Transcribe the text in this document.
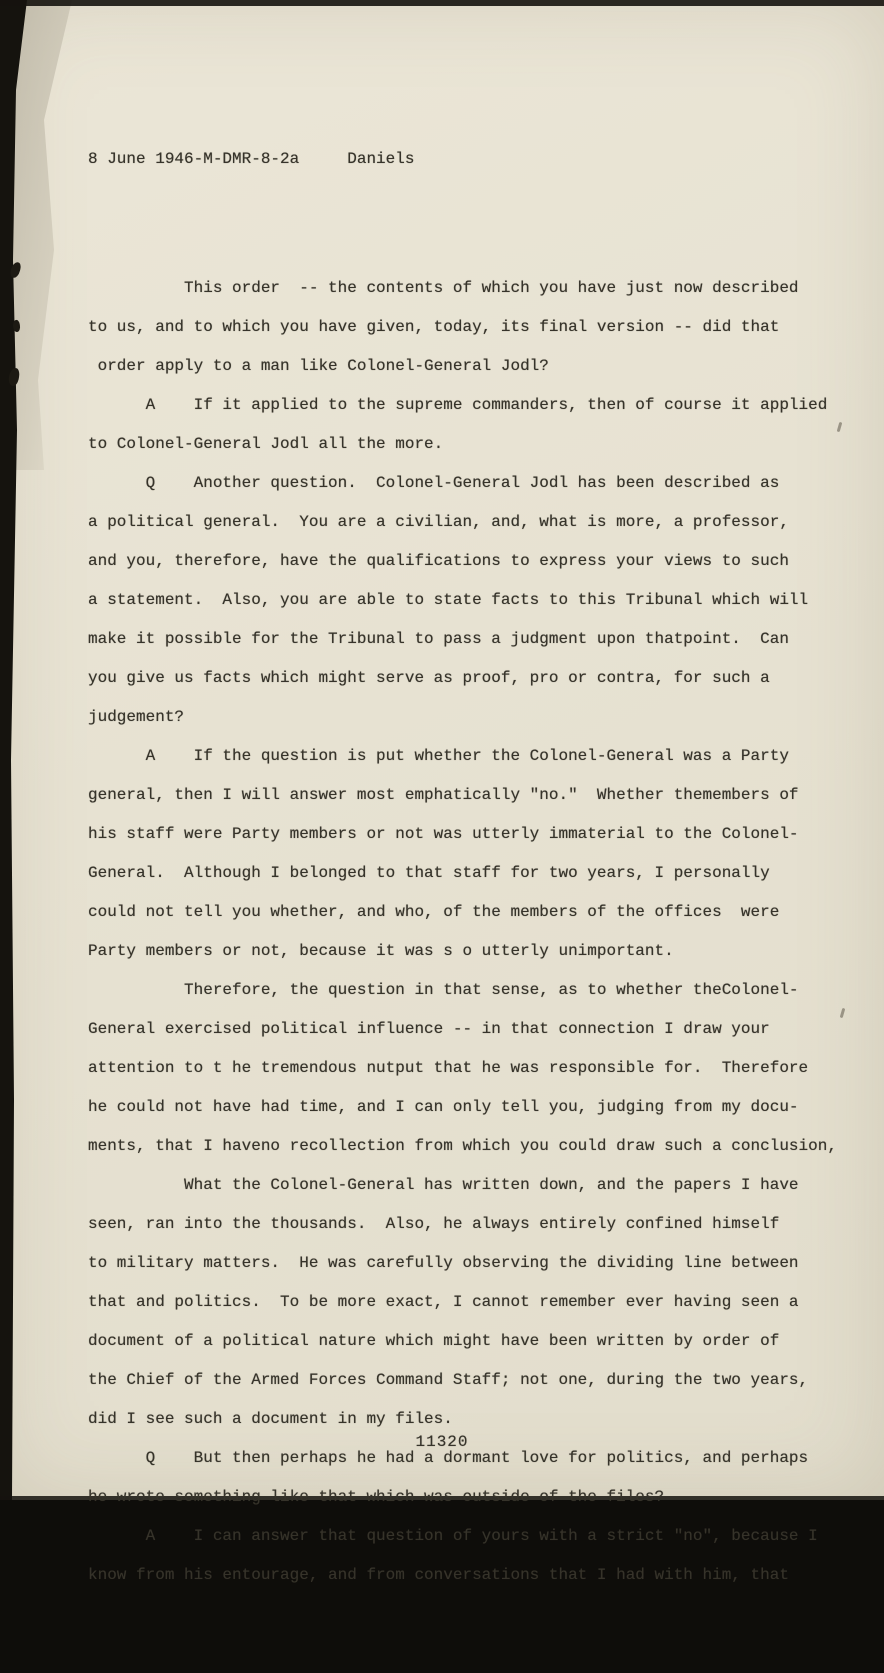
8 June 1946-M-DMR-8-2a     Daniels

This order  -- the contents of which you have just now described
to us, and to which you have given, today, its final version -- did that
order apply to a man like Colonel-General Jodl?
A    If it applied to the supreme commanders, then of course it applied
to Colonel-General Jodl all the more.
Q    Another question.  Colonel-General Jodl has been described as
a political general.  You are a civilian, and, what is more, a professor,
and you, therefore, have the qualifications to express your views to such
a statement.  Also, you are able to state facts to this Tribunal which will
make it possible for the Tribunal to pass a judgment upon thatpoint.  Can
you give us facts which might serve as proof, pro or contra, for such a
judgement?
A    If the question is put whether the Colonel-General was a Party
general, then I will answer most emphatically "no."  Whether themembers of
his staff were Party members or not was utterly immaterial to the Colonel-
General.  Although I belonged to that staff for two years, I personally
could not tell you whether, and who, of the members of the offices  were
Party members or not, because it was s o utterly unimportant.
Therefore, the question in that sense, as to whether theColonel-
General exercised political influence -- in that connection I draw your
attention to t he tremendous nutput that he was responsible for.  Therefore
he could not have had time, and I can only tell you, judging from my docu-
ments, that I haveno recollection from which you could draw such a conclusion,
What the Colonel-General has written down, and the papers I have
seen, ran into the thousands.  Also, he always entirely confined himself
to military matters.  He was carefully observing the dividing line between
that and politics.  To be more exact, I cannot remember ever having seen a
document of a political nature which might have been written by order of
the Chief of the Armed Forces Command Staff; not one, during the two years,
did I see such a document in my files.
Q    But then perhaps he had a dormant love for politics, and perhaps
he wrote something like that which was outside of the files?
A    I can answer that question of yours with a strict "no", because I
know from his entourage, and from conversations that I had with him, that

11320
